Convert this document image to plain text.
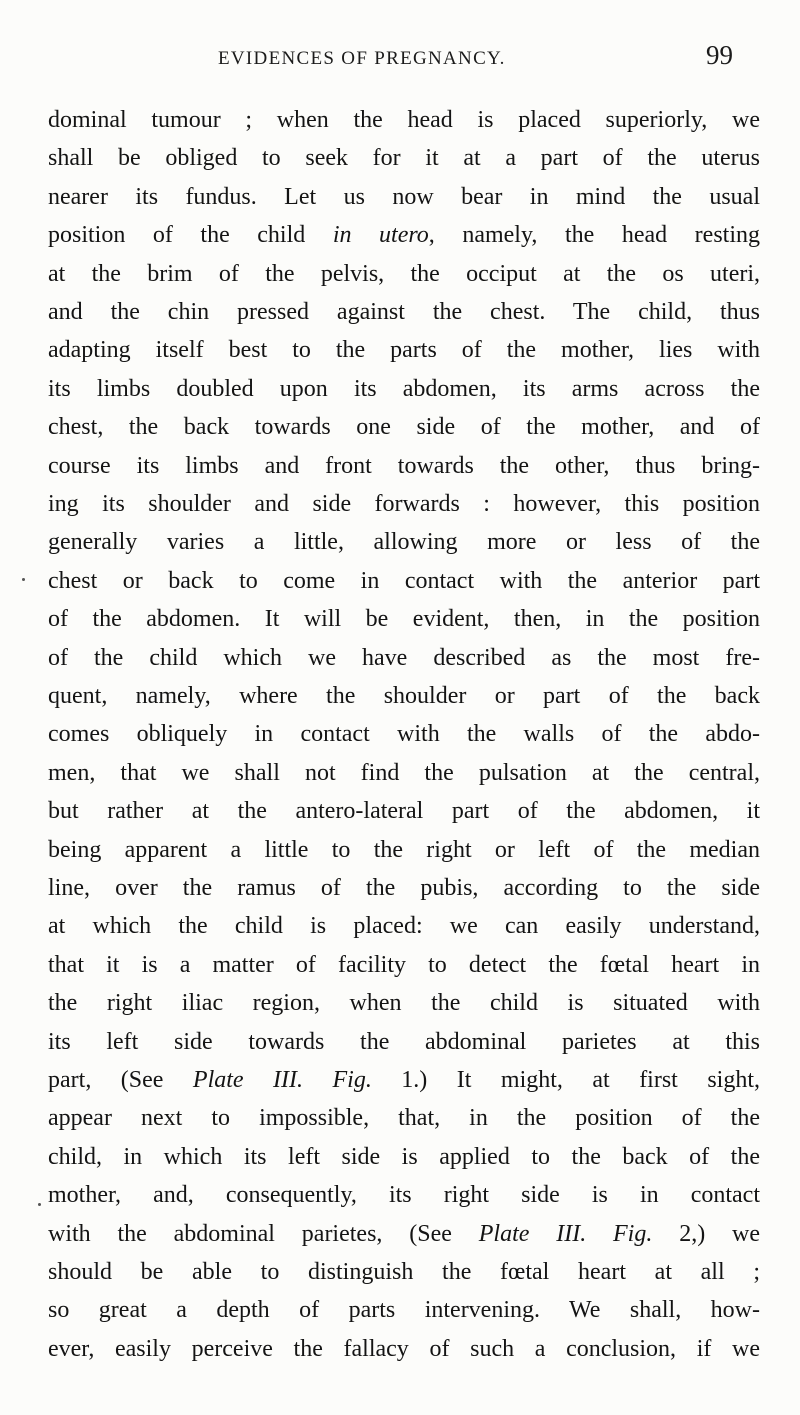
EVIDENCES OF PREGNANCY.	99
dominal tumour ; when the head is placed superiorly, we
shall be obliged to seek for it at a part of the uterus
nearer its fundus. Let us now bear in mind the usual
position of the child in utero, namely, the head resting
at the brim of the pelvis, the occiput at the os uteri,
and the chin pressed against the chest. The child, thus
adapting itself best to the parts of the mother, lies with
its limbs doubled upon its abdomen, its arms across the
chest, the back towards one side of the mother, and of
course its limbs and front towards the other, thus bring-
ing its shoulder and side forwards : however, this position
generally varies a little, allowing more or less of the
chest or back to come in contact with the anterior part
of the abdomen. It will be evident, then, in the position
of the child which we have described as the most fre-
quent, namely, where the shoulder or part of the back
comes obliquely in contact with the walls of the abdo-
men, that we shall not find the pulsation at the central,
but rather at the antero-lateral part of the abdomen, it
being apparent a little to the right or left of the median
line, over the ramus of the pubis, according to the side
at which the child is placed: we can easily understand,
that it is a matter of facility to detect the fœtal heart in
the right iliac region, when the child is situated with
its left side towards the abdominal parietes at this
part, (See Plate III. Fig. 1.) It might, at first sight,
appear next to impossible, that, in the position of the
child, in which its left side is applied to the back of the
mother, and, consequently, its right side is in contact
with the abdominal parietes, (See Plate III. Fig. 2,) we
should be able to distinguish the fœtal heart at all ;
so great a depth of parts intervening. We shall, how-
ever, easily perceive the fallacy of such a conclusion, if we
